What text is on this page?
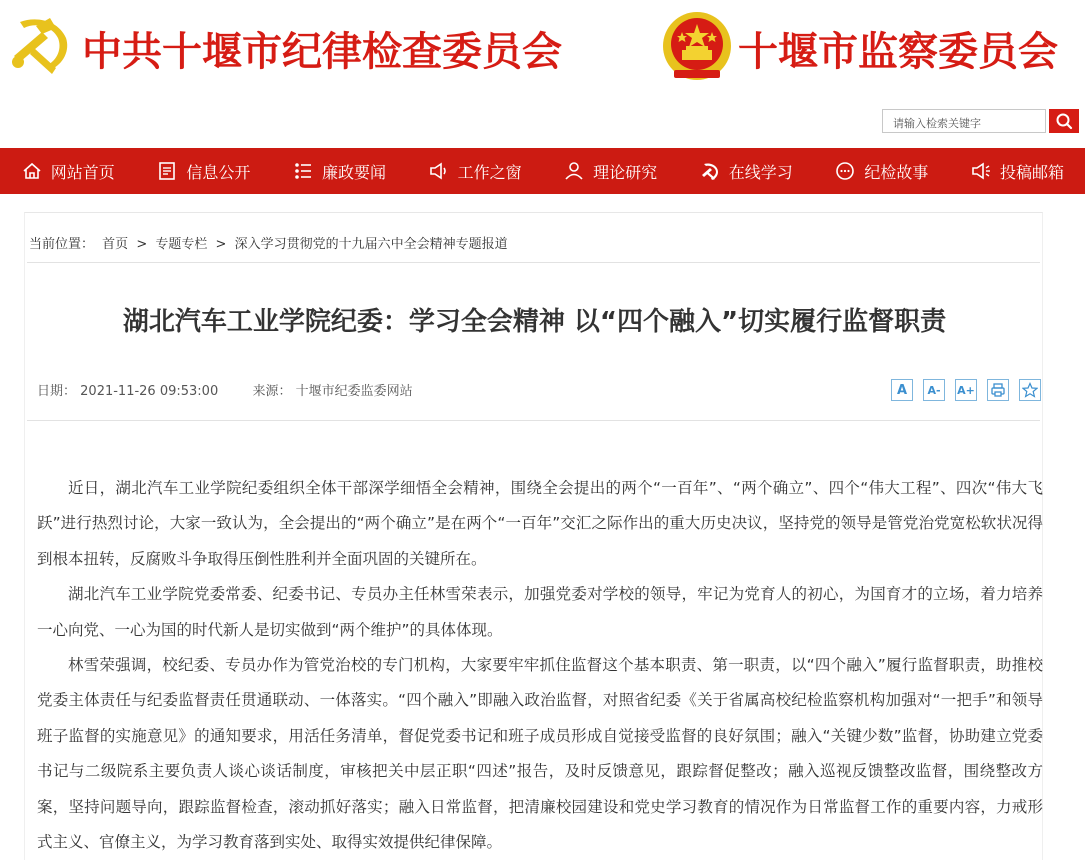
中共十堰市纪律检查委员会	十堰市监察委员会
请输入检索关键字
网站首页	信息公开	廉政要闻	工作之窗	理论研究	在线学习	纪检故事	投稿邮箱
当前位置： 首页 > 专题专栏 > 深入学习贯彻党的十九届六中全会精神专题报道
湖北汽车工业学院纪委：学习全会精神 以“四个融入”切实履行监督职责
日期： 2021-11-26 09:53:00	来源： 十堰市纪委监委网站	A A- A+

近日，湖北汽车工业学院纪委组织全体干部深学细悟全会精神，围绕全会提出的两个“一百年”、“两个确立”、四个“伟大工程”、四次“伟大飞跃”进行热烈讨论，大家一致认为，全会提出的“两个确立”是在两个“一百年”交汇之际作出的重大历史决议，坚持党的领导是管党治党宽松软状况得到根本扭转，反腐败斗争取得压倒性胜利并全面巩固的关键所在。

湖北汽车工业学院党委常委、纪委书记、专员办主任林雪荣表示，加强党委对学校的领导，牢记为党育人的初心，为国育才的立场，着力培养一心向党、一心为国的时代新人是切实做到“两个维护”的具体体现。

林雪荣强调，校纪委、专员办作为管党治校的专门机构，大家要牢牢抓住监督这个基本职责、第一职责，以“四个融入”履行监督职责，助推校党委主体责任与纪委监督责任贯通联动、一体落实。“四个融入”即融入政治监督，对照省纪委《关于省属高校纪检监察机构加强对“一把手”和领导班子监督的实施意见》的通知要求，用活任务清单，督促党委书记和班子成员形成自觉接受监督的良好氛围；融入“关键少数”监督，协助建立党委书记与二级院系主要负责人谈心谈话制度，审核把关中层正职“四述”报告，及时反馈意见，跟踪督促整改；融入巡视反馈整改监督，围绕整改方案，坚持问题导向，跟踪监督检查，滚动抓好落实；融入日常监督，把清廉校园建设和党史学习教育的情况作为日常监督工作的重要内容，力戒形式主义、官僚主义，为学习教育落到实处、取得实效提供纪律保障。
